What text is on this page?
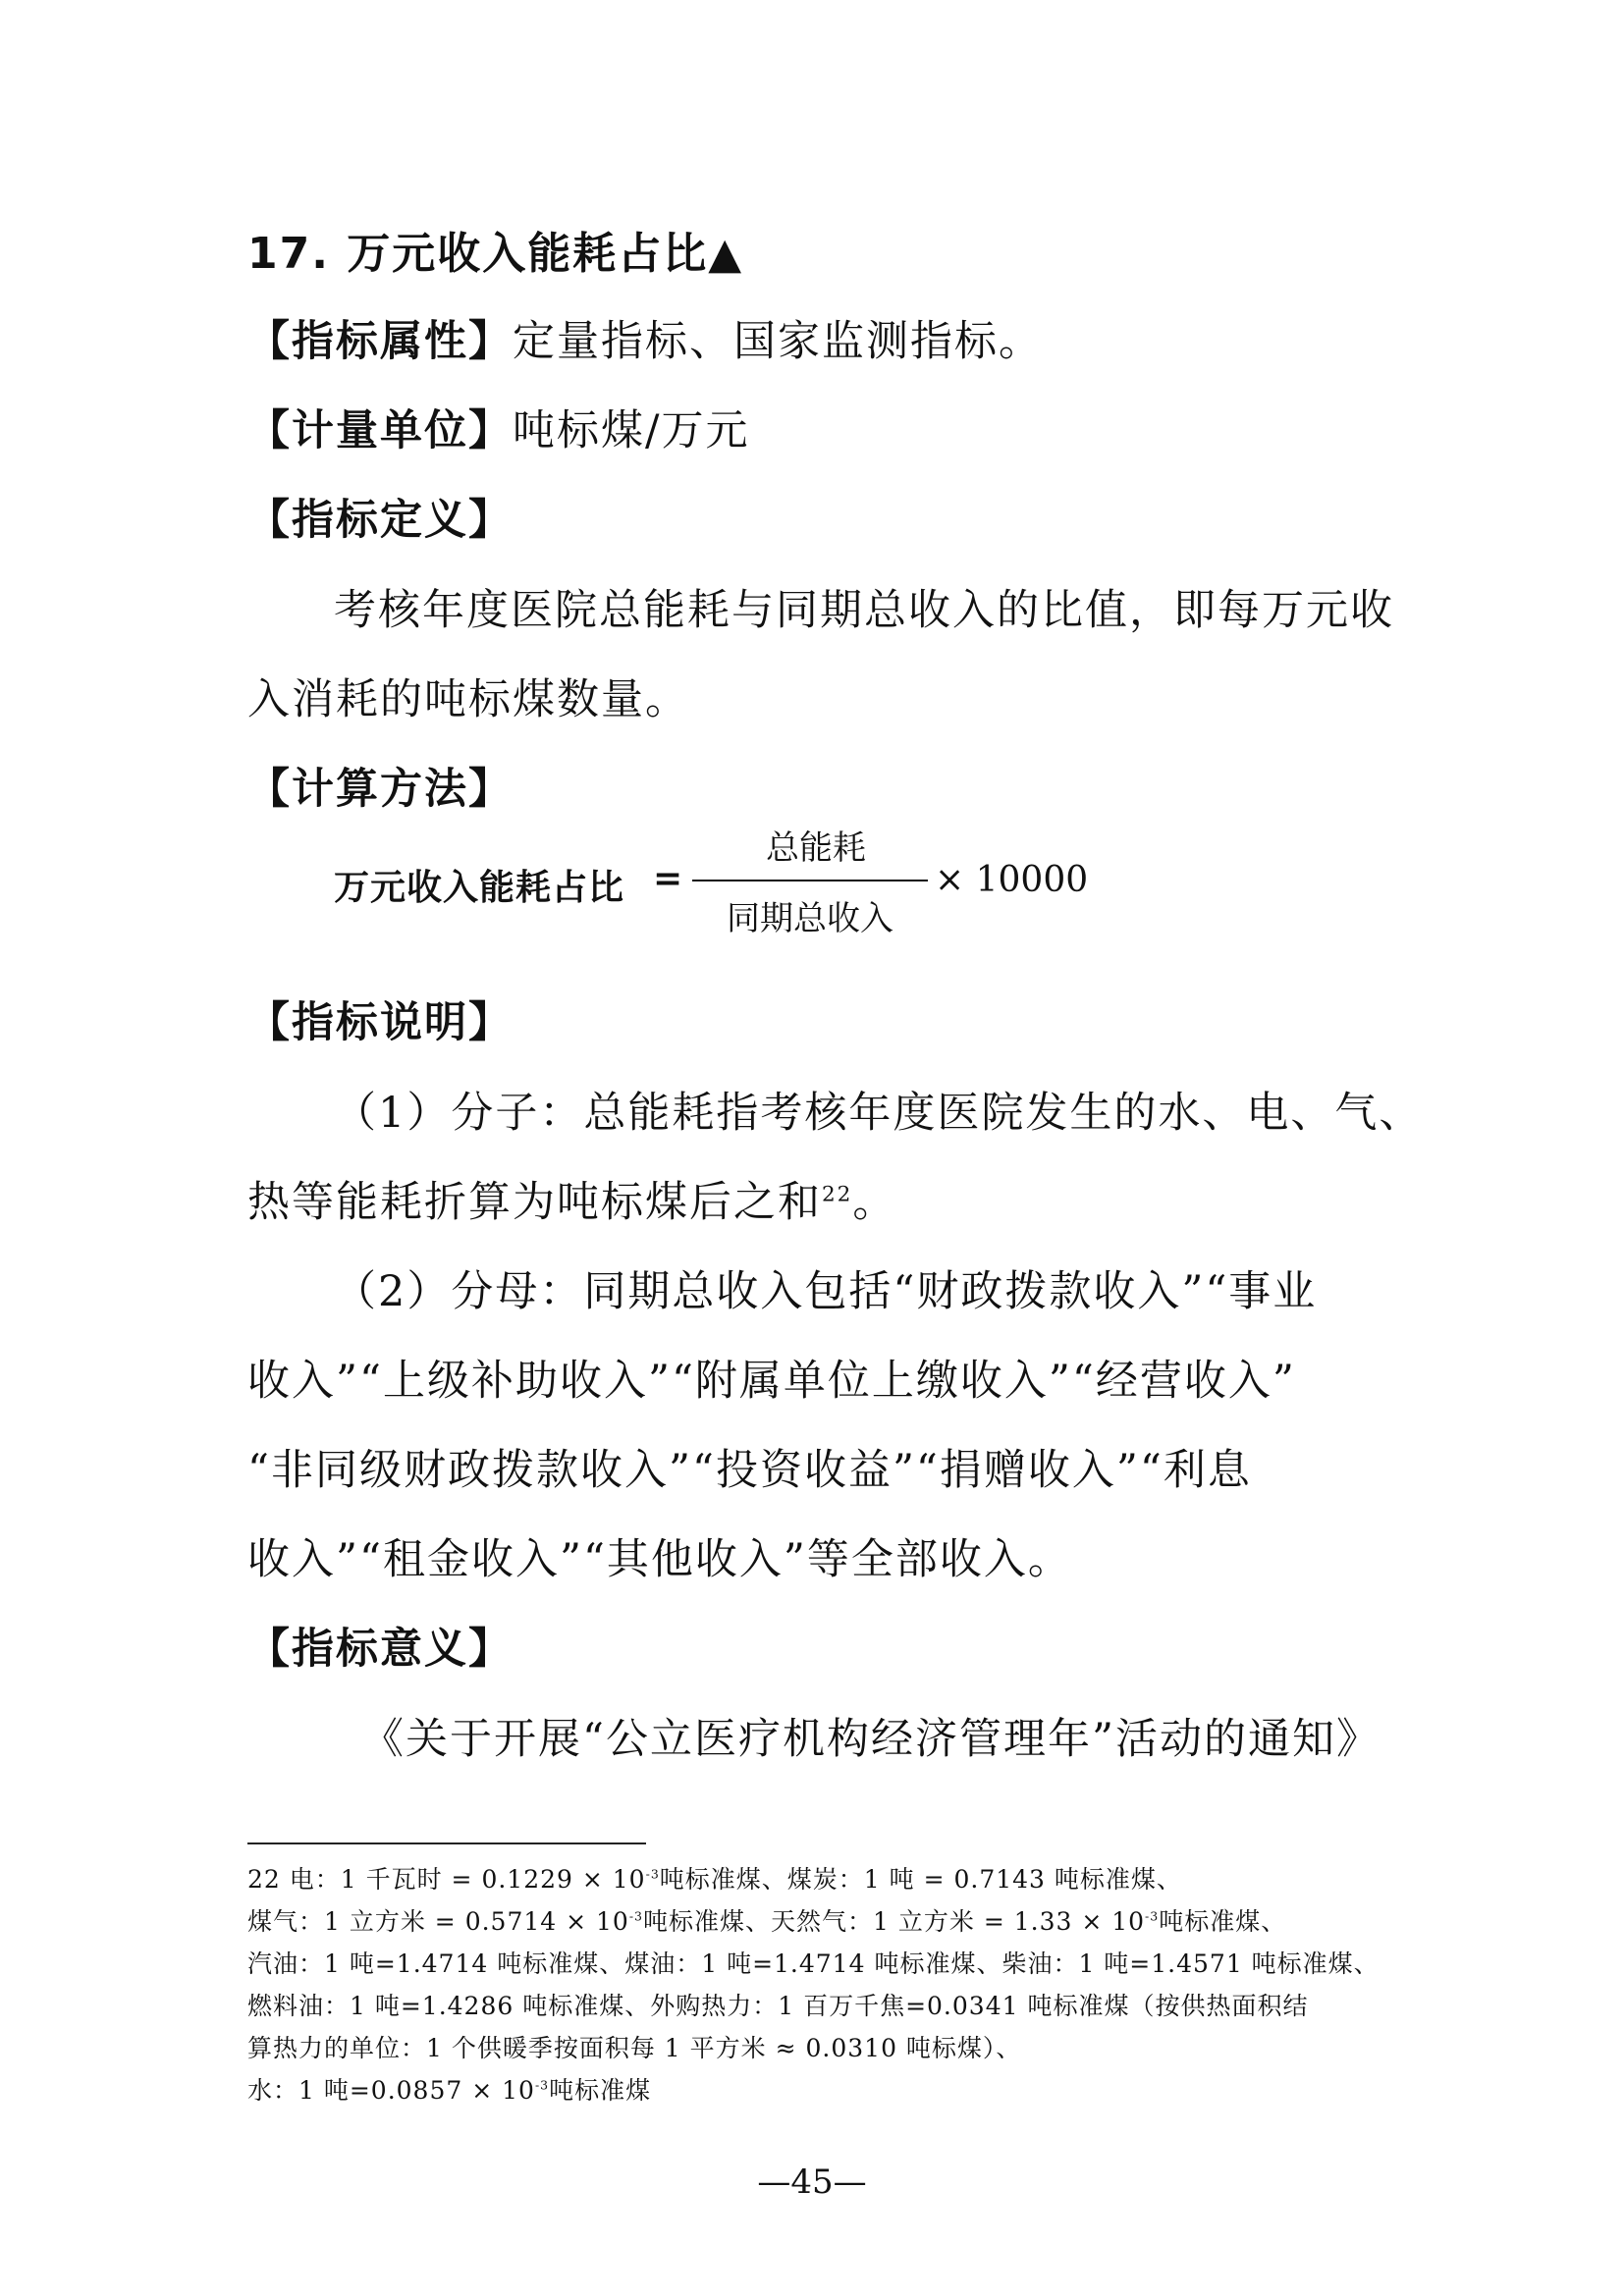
17. 万元收入能耗占比▲
【指标属性】定量指标、国家监测指标。
【计量单位】吨标煤/万元
【指标定义】
考核年度医院总能耗与同期总收入的比值，即每万元收
入消耗的吨标煤数量。
【计算方法】
万元收入能耗占比 =
总能耗
同期总收入
× 10000
【指标说明】
（1）分子：总能耗指考核年度医院发生的水、电、气、
热等能耗折算为吨标煤后之和$^{22}$。
（2）分母：同期总收入包括“财政拨款收入”“事业
收入”“上级补助收入”“附属单位上缴收入”“经营收入”
“非同级财政拨款收入”“投资收益”“捐赠收入”“利息
收入”“租金收入”“其他收入”等全部收入。
【指标意义】
《关于开展“公立医疗机构经济管理年”活动的通知》
22 电：1 千瓦时 = $0.1229 \times 10^{-3}$吨标准煤、煤炭：1 吨 = 0.7143 吨标准煤、
煤气：1 立方米 = $0.5714 \times 10^{-3}$吨标准煤、天然气：1 立方米 = $1.33 \times 10^{-3}$吨标准煤、
汽油：1 吨=1.4714 吨标准煤、煤油：1 吨=1.4714 吨标准煤、柴油：1 吨=1.4571 吨标准煤、
燃料油：1 吨=1.4286 吨标准煤、外购热力：1 百万千焦=0.0341 吨标准煤（按供热面积结
算热力的单位：1 个供暖季按面积每 1 平方米 ≈ 0.0310 吨标煤）、
水：1 吨$=0.0857 \times 10^{-3}$吨标准煤
—45—
